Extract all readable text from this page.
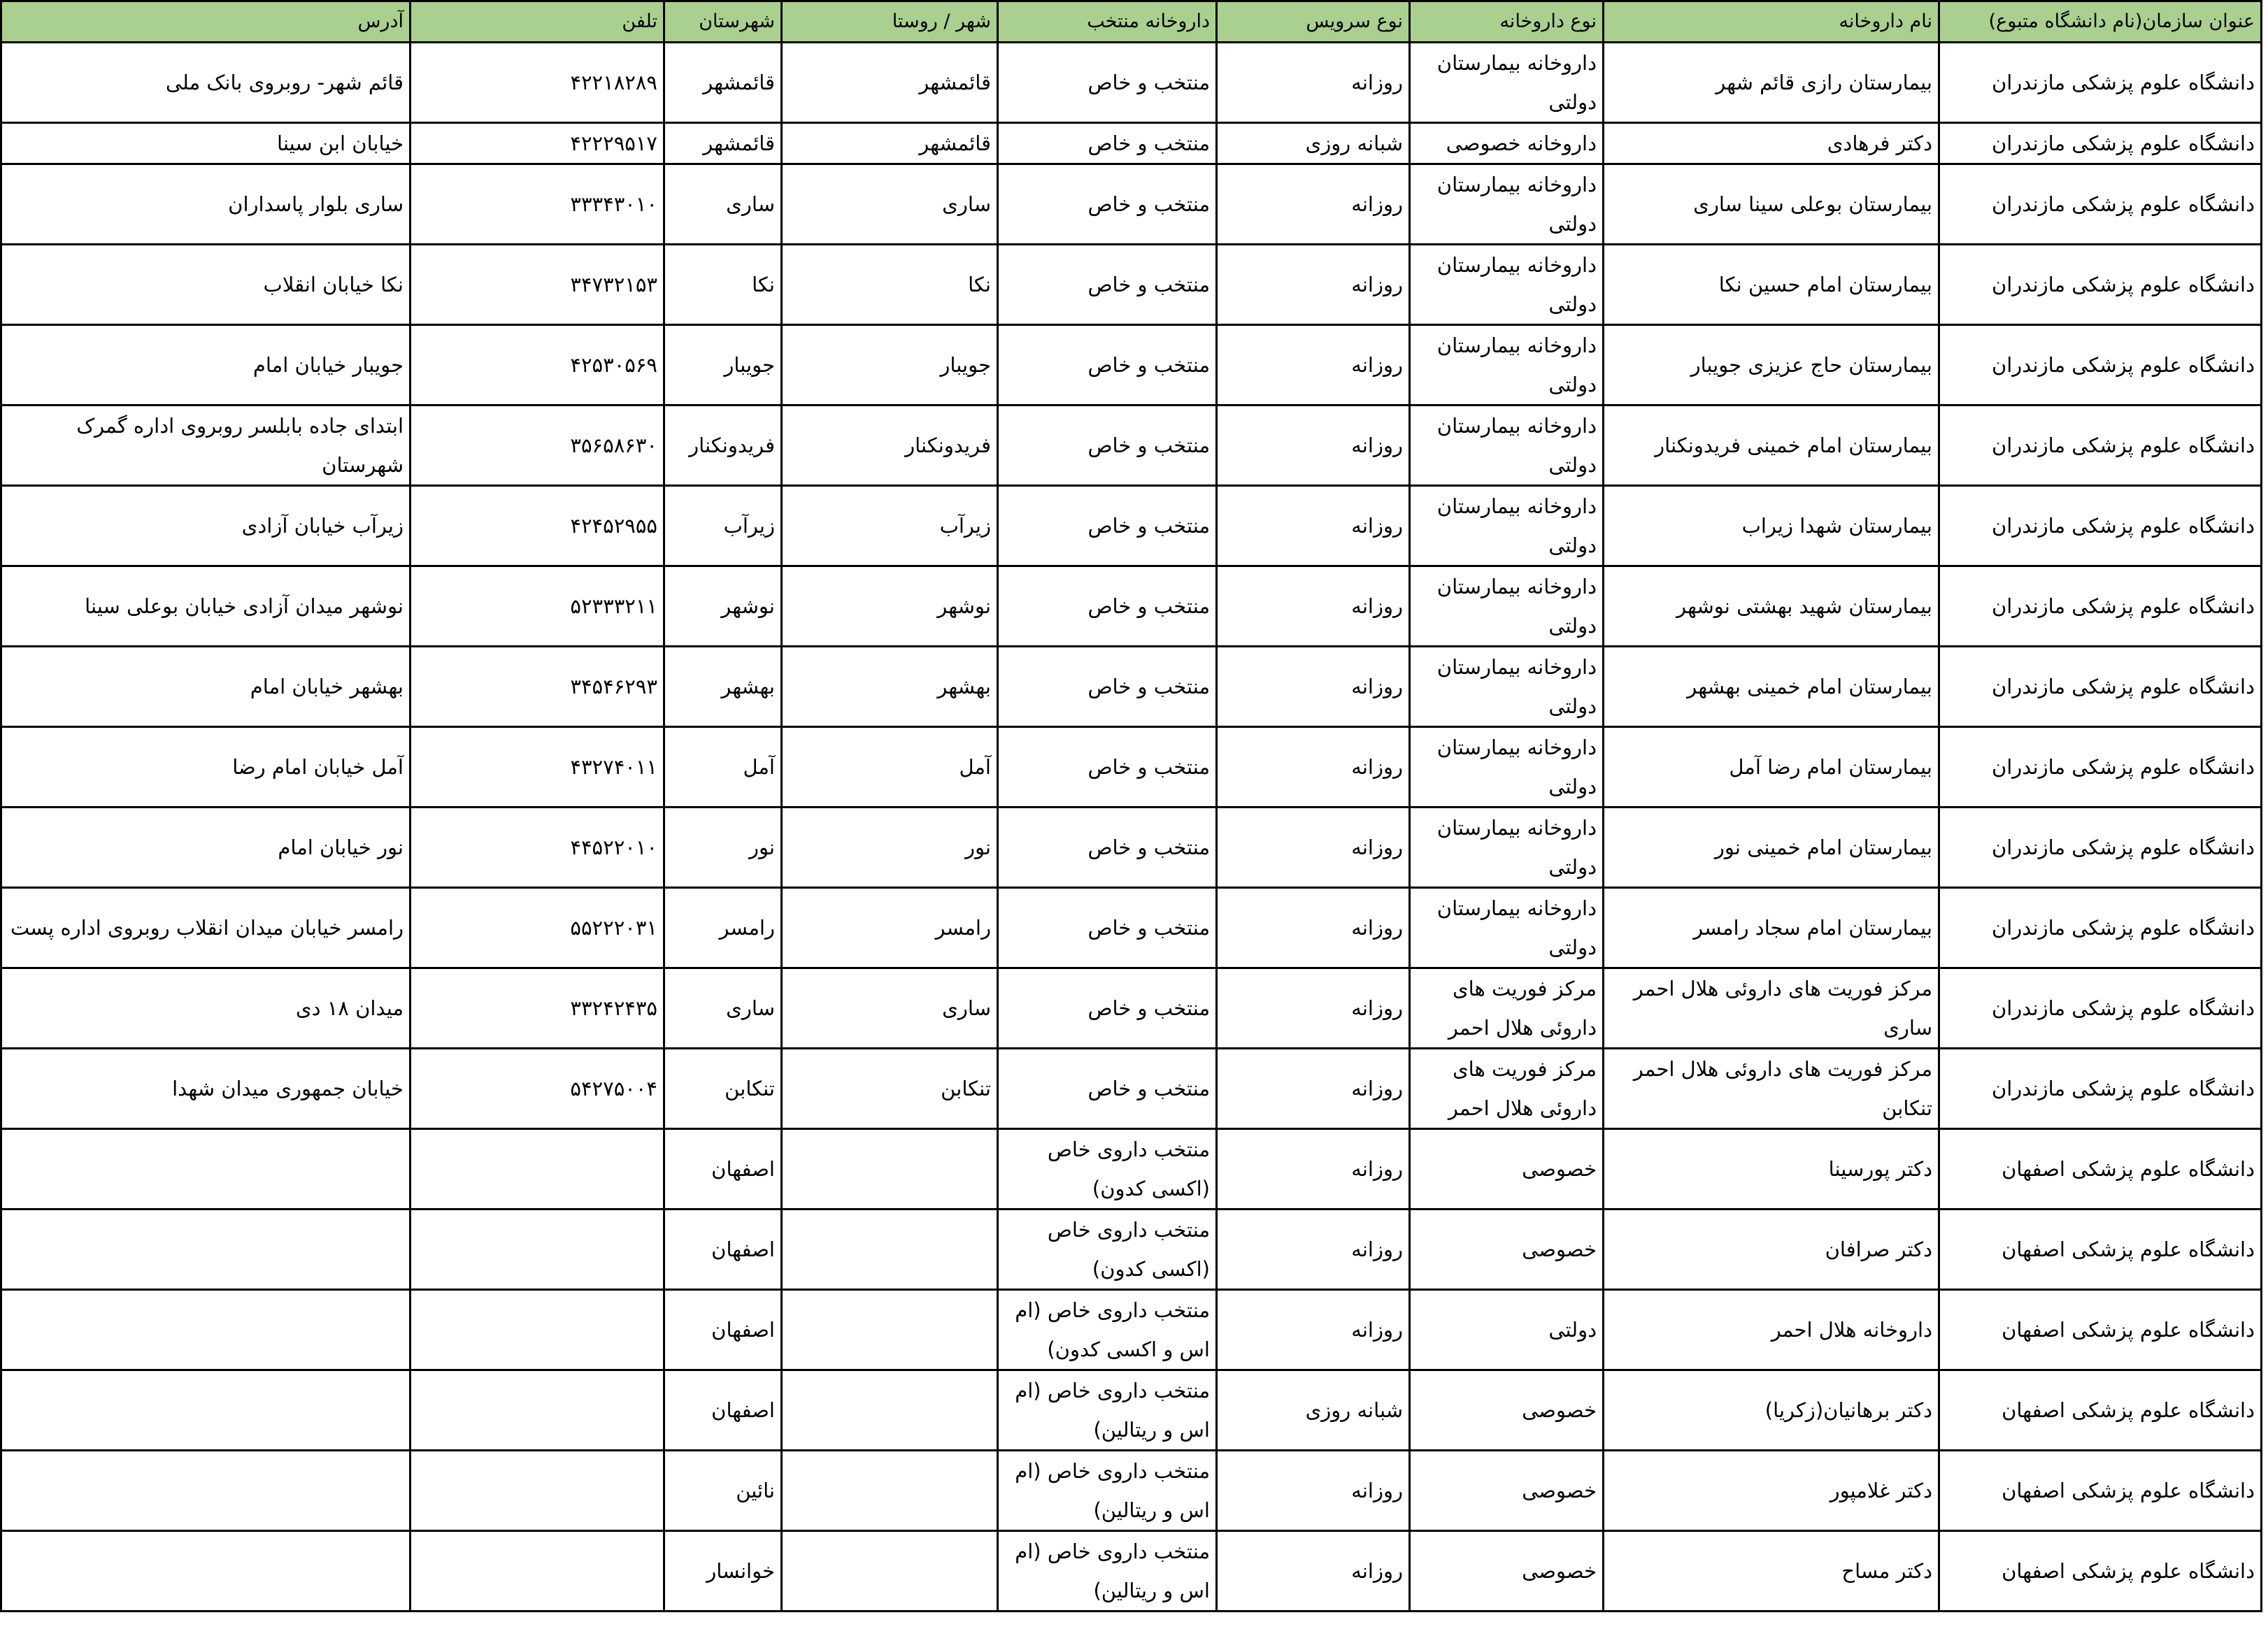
عنوان سازمان(نام دانشگاه متبوع)	نام داروخانه	نوع داروخانه	نوع سرویس	داروخانه منتخب	شهر / روستا	شهرستان	تلفن	آدرس
دانشگاه علوم پزشکی مازندران	بیمارستان رازی قائم شهر	داروخانه بیمارستان دولتی	روزانه	منتخب و خاص	قائمشهر	قائمشهر	۴۲۲۱۸۲۸۹	قائم شهر- روبروی بانک ملی
دانشگاه علوم پزشکی مازندران	دکتر فرهادی	داروخانه خصوصی	شبانه روزی	منتخب و خاص	قائمشهر	قائمشهر	۴۲۲۲۹۵۱۷	خیابان ابن سینا
دانشگاه علوم پزشکی مازندران	بیمارستان بوعلی سینا ساری	داروخانه بیمارستان دولتی	روزانه	منتخب و خاص	ساری	ساری	۳۳۳۴۳۰۱۰	ساری بلوار پاسداران
دانشگاه علوم پزشکی مازندران	بیمارستان امام حسین نکا	داروخانه بیمارستان دولتی	روزانه	منتخب و خاص	نکا	نکا	۳۴۷۳۲۱۵۳	نکا خیابان انقلاب
دانشگاه علوم پزشکی مازندران	بیمارستان حاج عزیزی جویبار	داروخانه بیمارستان دولتی	روزانه	منتخب و خاص	جویبار	جویبار	۴۲۵۳۰۵۶۹	جویبار خیابان امام
دانشگاه علوم پزشکی مازندران	بیمارستان امام خمینی فریدونکنار	داروخانه بیمارستان دولتی	روزانه	منتخب و خاص	فریدونکنار	فریدونکنار	۳۵۶۵۸۶۳۰	ابتدای جاده بابلسر روبروی اداره گمرک شهرستان
دانشگاه علوم پزشکی مازندران	بیمارستان شهدا زیراب	داروخانه بیمارستان دولتی	روزانه	منتخب و خاص	زیرآب	زیرآب	۴۲۴۵۲۹۵۵	زیرآب خیابان آزادی
دانشگاه علوم پزشکی مازندران	بیمارستان شهید بهشتی نوشهر	داروخانه بیمارستان دولتی	روزانه	منتخب و خاص	نوشهر	نوشهر	۵۲۳۳۳۲۱۱	نوشهر میدان آزادی خیابان بوعلی سینا
دانشگاه علوم پزشکی مازندران	بیمارستان امام خمینی بهشهر	داروخانه بیمارستان دولتی	روزانه	منتخب و خاص	بهشهر	بهشهر	۳۴۵۴۶۲۹۳	بهشهر خیابان امام
دانشگاه علوم پزشکی مازندران	بیمارستان امام رضا آمل	داروخانه بیمارستان دولتی	روزانه	منتخب و خاص	آمل	آمل	۴۳۲۷۴۰۱۱	آمل خیابان امام رضا
دانشگاه علوم پزشکی مازندران	بیمارستان امام خمینی نور	داروخانه بیمارستان دولتی	روزانه	منتخب و خاص	نور	نور	۴۴۵۲۲۰۱۰	نور خیابان امام
دانشگاه علوم پزشکی مازندران	بیمارستان امام سجاد رامسر	داروخانه بیمارستان دولتی	روزانه	منتخب و خاص	رامسر	رامسر	۵۵۲۲۲۰۳۱	رامسر خیابان میدان انقلاب روبروی اداره پست
دانشگاه علوم پزشکی مازندران	مرکز فوریت های داروئی هلال احمر ساری	مرکز فوریت های داروئی هلال احمر	روزانه	منتخب و خاص	ساری	ساری	۳۳۲۴۲۴۳۵	میدان ۱۸ دی
دانشگاه علوم پزشکی مازندران	مرکز فوریت های داروئی هلال احمر تنکابن	مرکز فوریت های داروئی هلال احمر	روزانه	منتخب و خاص	تنکابن	تنکابن	۵۴۲۷۵۰۰۴	خیابان جمهوری میدان شهدا
دانشگاه علوم پزشکی اصفهان	دکتر پورسینا	خصوصی	روزانه	منتخب داروی خاص (اکسی کدون)		اصفهان		
دانشگاه علوم پزشکی اصفهان	دکتر صرافان	خصوصی	روزانه	منتخب داروی خاص (اکسی کدون)		اصفهان		
دانشگاه علوم پزشکی اصفهان	داروخانه هلال احمر	دولتی	روزانه	منتخب داروی خاص (ام اس و اکسی کدون)		اصفهان		
دانشگاه علوم پزشکی اصفهان	دکتر برهانیان(زکریا)	خصوصی	شبانه روزی	منتخب داروی خاص (ام اس و ریتالین)		اصفهان		
دانشگاه علوم پزشکی اصفهان	دکتر غلامپور	خصوصی	روزانه	منتخب داروی خاص (ام اس و ریتالین)		نائین		
دانشگاه علوم پزشکی اصفهان	دکتر مساح	خصوصی	روزانه	منتخب داروی خاص (ام اس و ریتالین)		خوانسار		
